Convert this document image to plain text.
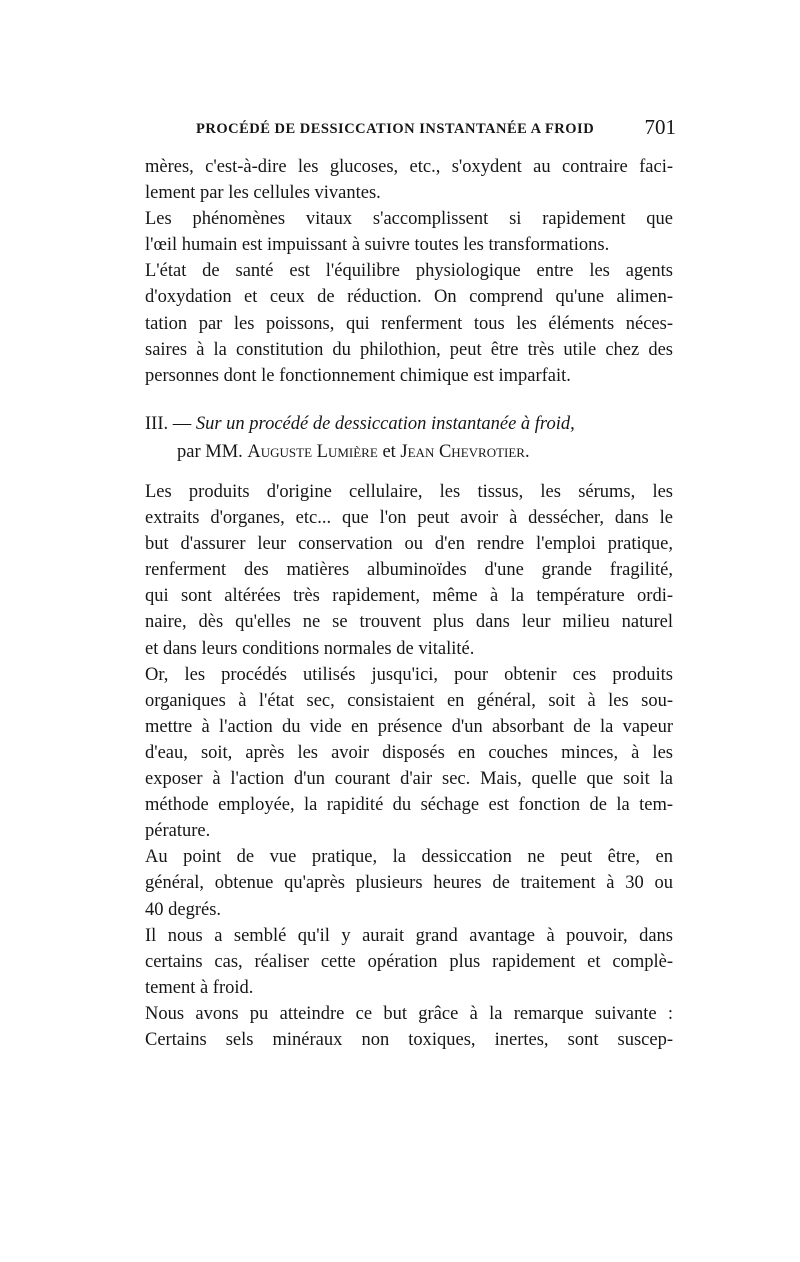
PROCÉDÉ DE DESSICCATION INSTANTANÉE A FROID 701

mères, c'est-à-dire les glucoses, etc., s'oxydent au contraire faci-
lement par les cellules vivantes.

Les phénomènes vitaux s'accomplissent si rapidement que
l'œil humain est impuissant à suivre toutes les transformations.

L'état de santé est l'équilibre physiologique entre les agents
d'oxydation et ceux de réduction. On comprend qu'une alimen-
tation par les poissons, qui renferment tous les éléments néces-
saires à la constitution du philothion, peut être très utile chez des
personnes dont le fonctionnement chimique est imparfait.

III. — Sur un procédé de dessiccation instantanée à froid,
par MM. Auguste Lumière et Jean Chevrotier.

Les produits d'origine cellulaire, les tissus, les sérums, les
extraits d'organes, etc... que l'on peut avoir à dessécher, dans le
but d'assurer leur conservation ou d'en rendre l'emploi pratique,
renferment des matières albuminoïdes d'une grande fragilité,
qui sont altérées très rapidement, même à la température ordi-
naire, dès qu'elles ne se trouvent plus dans leur milieu naturel
et dans leurs conditions normales de vitalité.

Or, les procédés utilisés jusqu'ici, pour obtenir ces produits
organiques à l'état sec, consistaient en général, soit à les sou-
mettre à l'action du vide en présence d'un absorbant de la vapeur
d'eau, soit, après les avoir disposés en couches minces, à les
exposer à l'action d'un courant d'air sec. Mais, quelle que soit la
méthode employée, la rapidité du séchage est fonction de la tem-
pérature.

Au point de vue pratique, la dessiccation ne peut être, en
général, obtenue qu'après plusieurs heures de traitement à 30 ou
40 degrés.

Il nous a semblé qu'il y aurait grand avantage à pouvoir, dans
certains cas, réaliser cette opération plus rapidement et complè-
tement à froid.

Nous avons pu atteindre ce but grâce à la remarque suivante :

Certains sels minéraux non toxiques, inertes, sont suscep-
